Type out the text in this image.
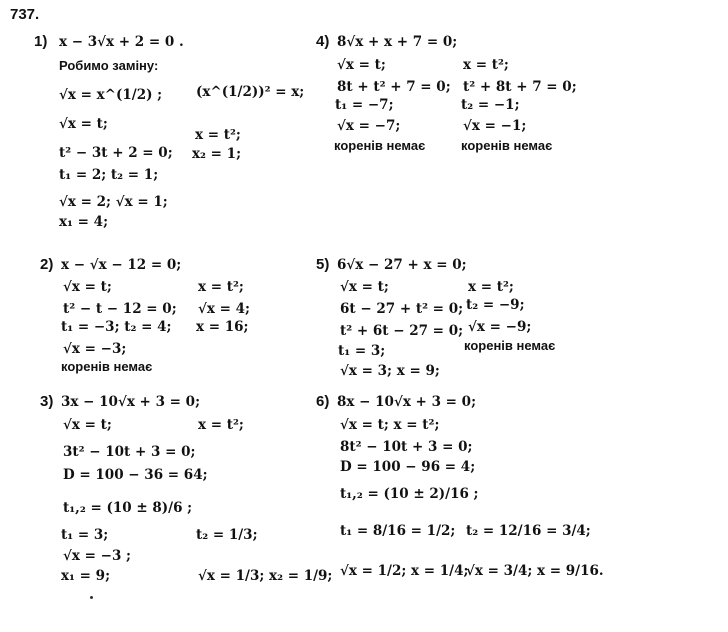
737.
1) x − 3√x + 2 = 0 .
Робимо заміну:
√x = x^(1/2) ;
√x = t;
t² − 3t + 2 = 0;
t₁ = 2; t₂ = 1;
√x = 2; √x = 1;
x₁ = 4;
(x^(1/2))² = x;
x = t²;
x₂ = 1;
4) 8√x + x + 7 = 0;
√x = t;
8t + t² + 7 = 0;
t₁ = −7;
√x = −7;
коренів немає
x = t²;
t² + 8t + 7 = 0;
t₂ = −1;
√x = −1;
коренів немає
2) x − √x − 12 = 0;
√x = t;
t² − t − 12 = 0;
t₁ = −3; t₂ = 4;
√x = −3;
коренів немає
x = t²;
√x = 4;
x = 16;
5) 6√x − 27 + x = 0;
√x = t;
6t − 27 + t² = 0;
t² + 6t − 27 = 0;
t₁ = 3;
√x = 3; x = 9;
x = t²;
t₂ = −9;
√x = −9;
коренів немає
3) 3x − 10√x + 3 = 0;
√x = t;
3t² − 10t + 3 = 0;
D = 100 − 36 = 64;
t₁,₂ = (10 ± 8)/6 ;
t₁ = 3;
√x = −3 ;
x₁ = 9;
x = t²;
t₂ = 1/3;
√x = 1/3; x₂ = 1/9;
6) 8x − 10√x + 3 = 0;
√x = t; x = t²;
8t² − 10t + 3 = 0;
D = 100 − 96 = 4;
t₁,₂ = (10 ± 2)/16 ;
t₁ = 8/16 = 1/2;
√x = 1/2; x = 1/4;
t₂ = 12/16 = 3/4;
√x = 3/4; x = 9/16.
